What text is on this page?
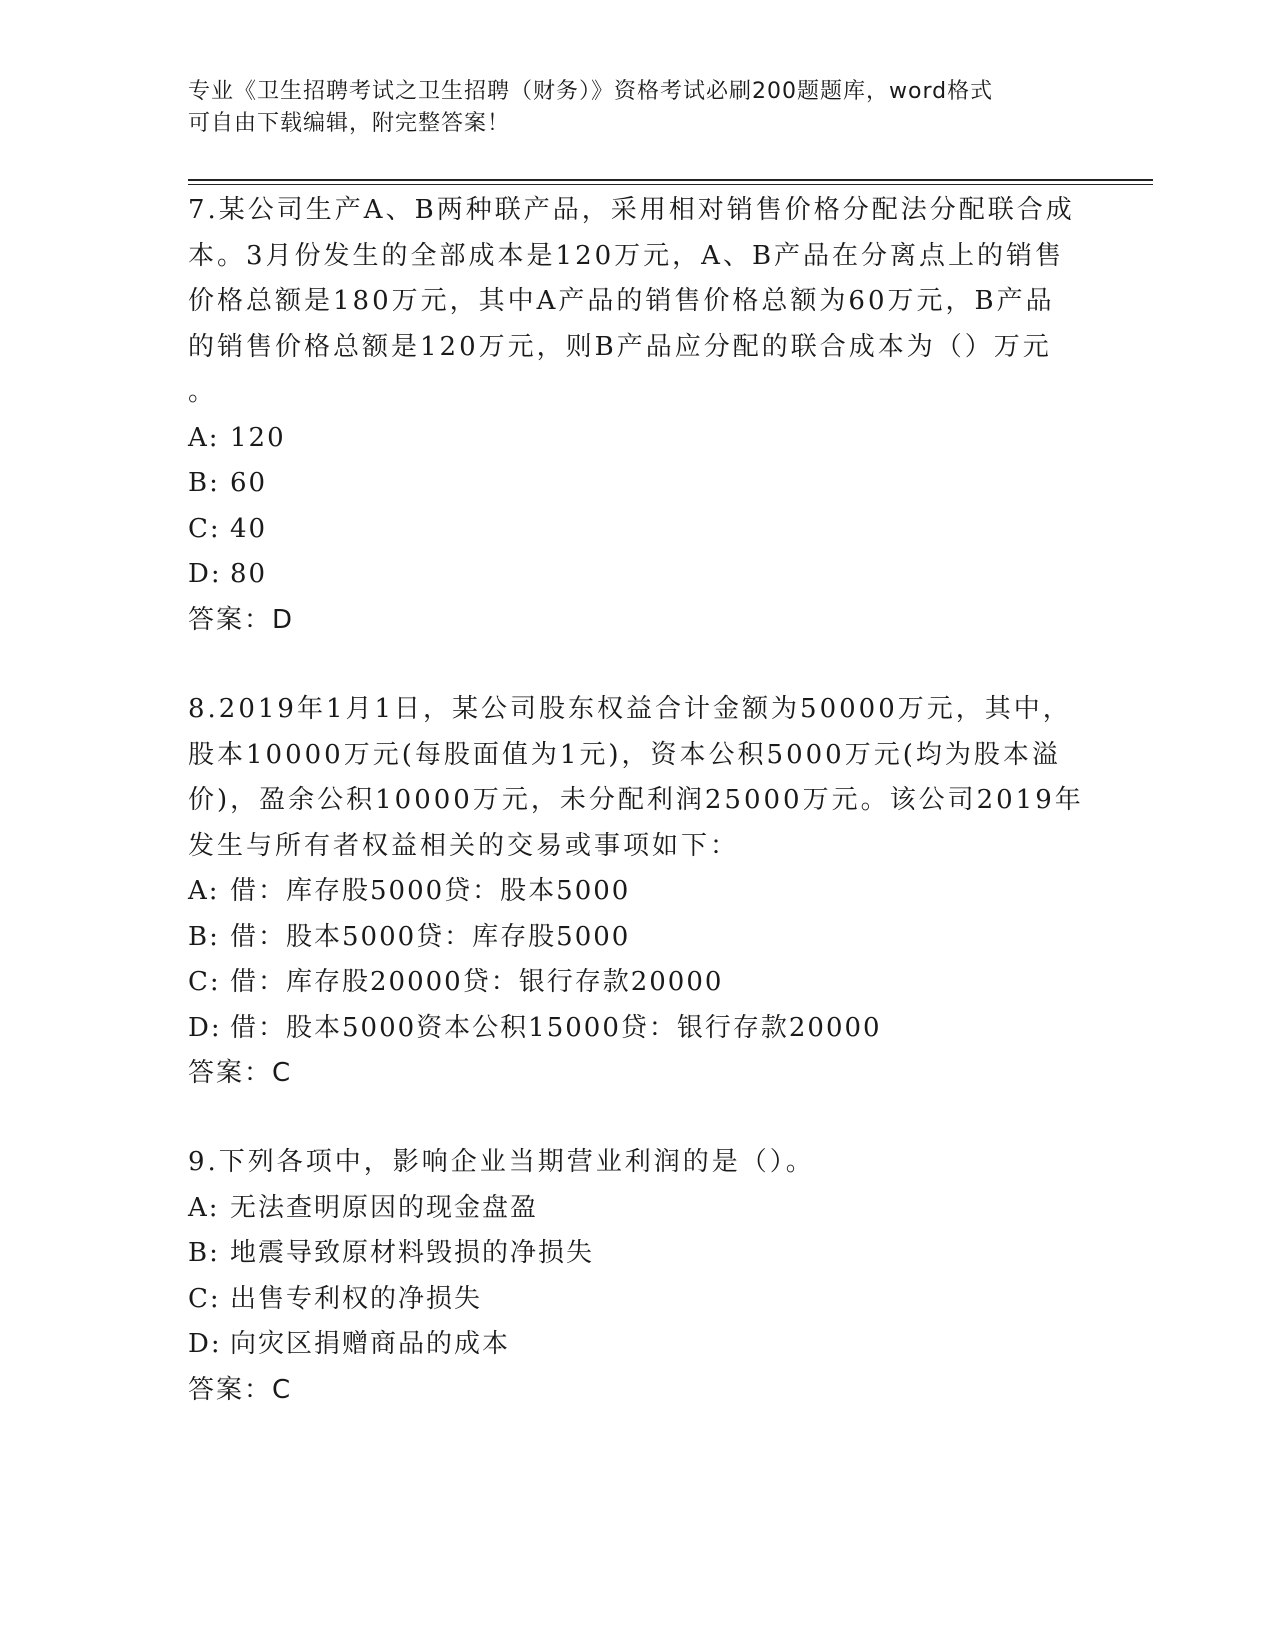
专业《卫生招聘考试之卫生招聘（财务）》资格考试必刷200题题库，word格式
可自由下载编辑，附完整答案！
7.某公司生产A、B两种联产品，采用相对销售价格分配法分配联合成
本。3月份发生的全部成本是120万元，A、B产品在分离点上的销售
价格总额是180万元，其中A产品的销售价格总额为60万元，B产品
的销售价格总额是120万元，则B产品应分配的联合成本为（）万元
。
A: 120
B: 60
C: 40
D: 80
答案：D
8.2019年1月1日，某公司股东权益合计金额为50000万元，其中，
股本10000万元(每股面值为1元)，资本公积5000万元(均为股本溢
价)，盈余公积10000万元，未分配利润25000万元。该公司2019年
发生与所有者权益相关的交易或事项如下：
A: 借：库存股5000贷：股本5000
B: 借：股本5000贷：库存股5000
C: 借：库存股20000贷：银行存款20000
D: 借：股本5000资本公积15000贷：银行存款20000
答案：C
9.下列各项中，影响企业当期营业利润的是（）。
A: 无法查明原因的现金盘盈
B: 地震导致原材料毁损的净损失
C: 出售专利权的净损失
D: 向灾区捐赠商品的成本
答案：C
